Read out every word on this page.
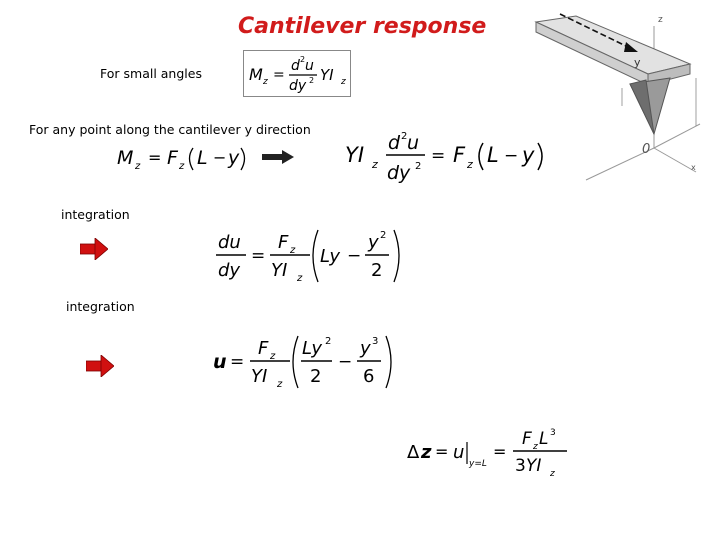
Cantilever response
For small angles	M z =
d 2 u
dy 2 YI z
For any point along the cantilever y direction
M z = F z L − y	YI z
d 2 u
dy 2
= F z L − y
integration
du
dy
=
F z
YI z
Ly −
y 2
2
integration
u =
F z
YI z
Ly 2
2
−
y 3
6
Δ z = u
y=L
=
F z L 3
3 YI z
z
x
0
y
